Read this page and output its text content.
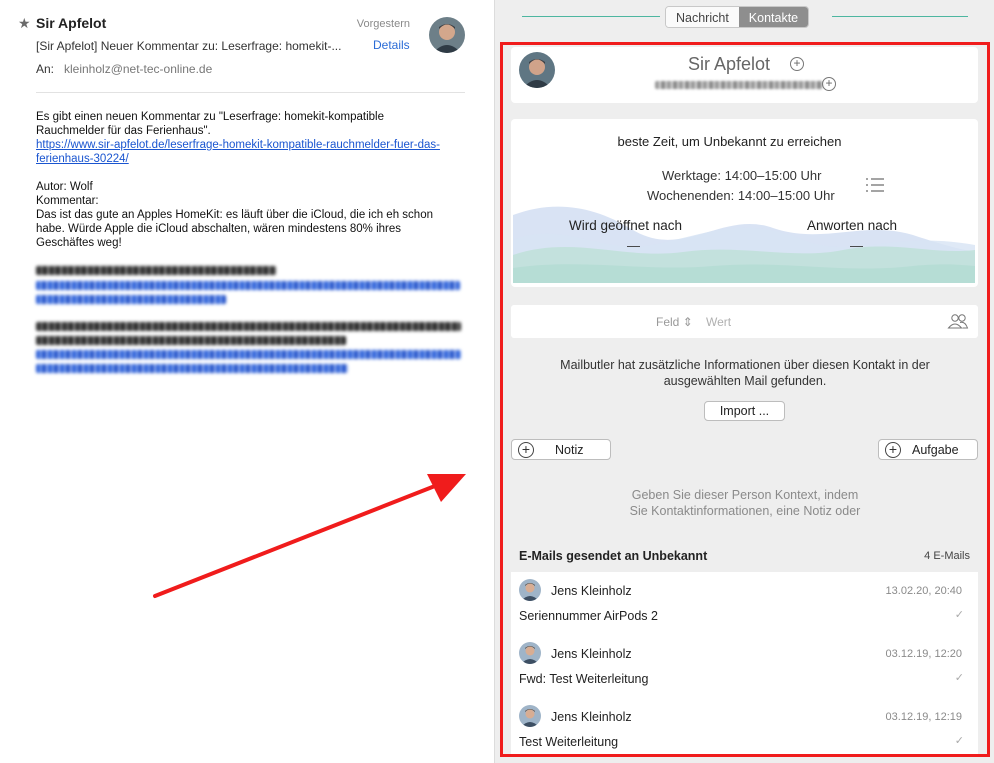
★ Sir Apfelot	Vorgestern
[Sir Apfelot] Neuer Kommentar zu: Leserfrage: homekit-...	Details
An: kleinholz@net-tec-online.de
Es gibt einen neuen Kommentar zu "Leserfrage: homekit-kompatible
Rauchmelder für das Ferienhaus".
https://www.sir-apfelot.de/leserfrage-homekit-kompatible-rauchmelder-fuer-das-
ferienhaus-30224/
Autor: Wolf
Kommentar:
Das ist das gute an Apples HomeKit: es läuft über die iCloud, die ich eh schon
habe. Würde Apple die iCloud abschalten, wären mindestens 80% ihres
Geschäftes weg!
Nachricht	Kontakte
Sir Apfelot +
+
beste Zeit, um Unbekannt zu erreichen
Werktage: 14:00–15:00 Uhr
Wochenenden: 14:00–15:00 Uhr
Wird geöffnet nach
—
Anworten nach
—
Feld ⇕ Wert
Mailbutler hat zusätzliche Informationen über diesen Kontakt in der
ausgewählten Mail gefunden.
Import ...
+	Notiz	+	Aufgabe
Geben Sie dieser Person Kontext, indem
Sie Kontaktinformationen, eine Notiz oder
E-Mails gesendet an Unbekannt	4 E-Mails
Jens Kleinholz	13.02.20, 20:40
Seriennummer AirPods 2	✓
Jens Kleinholz	03.12.19, 12:20
Fwd: Test Weiterleitung	✓
Jens Kleinholz	03.12.19, 12:19
Test Weiterleitung	✓
